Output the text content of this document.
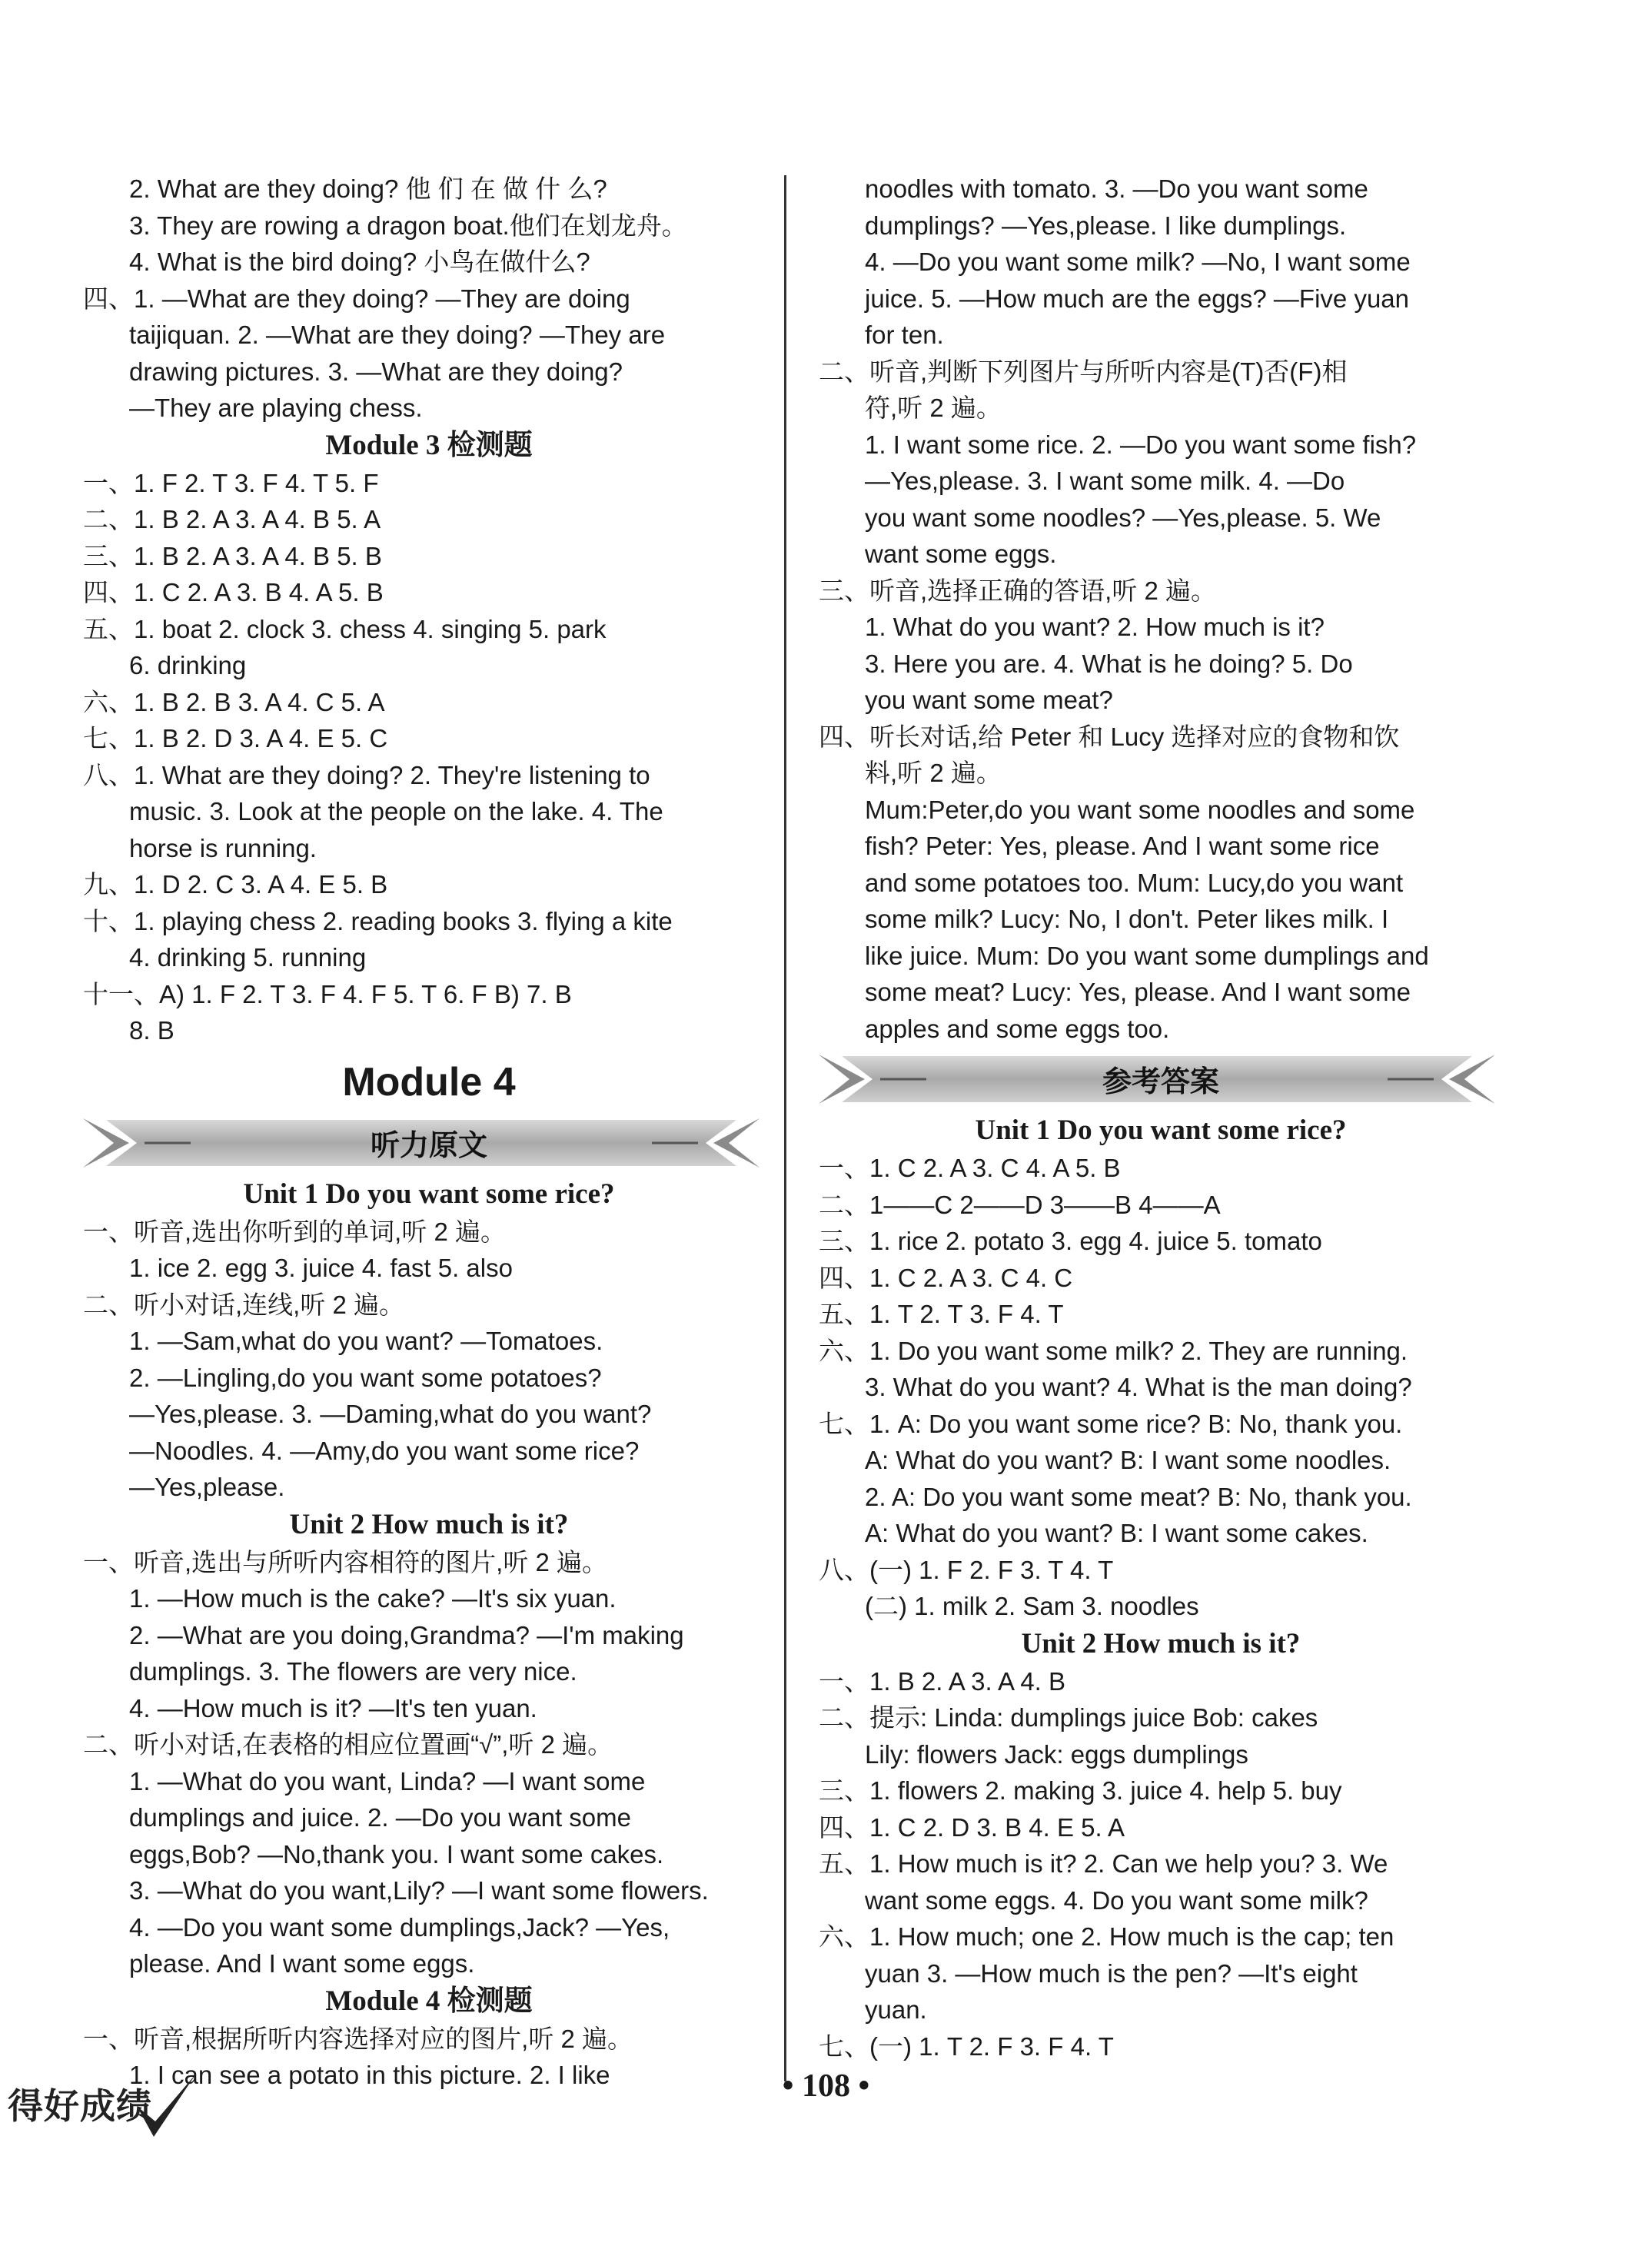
2. What are they doing? 他 们 在 做 什 么?
3. They are rowing a dragon boat.他们在划龙舟。
4. What is the bird doing? 小鸟在做什么?
四、1. —What are they doing? —They are doing
taijiquan. 2. —What are they doing? —They are
drawing pictures. 3. —What are they doing?
—They are playing chess.
Module 3 检测题
一、1. F 2. T 3. F 4. T 5. F
二、1. B 2. A 3. A 4. B 5. A
三、1. B 2. A 3. A 4. B 5. B
四、1. C 2. A 3. B 4. A 5. B
五、1. boat 2. clock 3. chess 4. singing 5. park
6. drinking
六、1. B 2. B 3. A 4. C 5. A
七、1. B 2. D 3. A 4. E 5. C
八、1. What are they doing? 2. They're listening to
music. 3. Look at the people on the lake. 4. The
horse is running.
九、1. D 2. C 3. A 4. E 5. B
十、1. playing chess 2. reading books 3. flying a kite
4. drinking 5. running
十一、A) 1. F 2. T 3. F 4. F 5. T 6. F B) 7. B
8. B
Module 4
听力原文
Unit 1 Do you want some rice?
一、听音,选出你听到的单词,听 2 遍。
1. ice 2. egg 3. juice 4. fast 5. also
二、听小对话,连线,听 2 遍。
1. —Sam,what do you want? —Tomatoes.
2. —Lingling,do you want some potatoes?
—Yes,please. 3. —Daming,what do you want?
—Noodles. 4. —Amy,do you want some rice?
—Yes,please.
Unit 2 How much is it?
一、听音,选出与所听内容相符的图片,听 2 遍。
1. —How much is the cake? —It's six yuan.
2. —What are you doing,Grandma? —I'm making
dumplings. 3. The flowers are very nice.
4. —How much is it? —It's ten yuan.
二、听小对话,在表格的相应位置画“√”,听 2 遍。
1. —What do you want, Linda? —I want some
dumplings and juice. 2. —Do you want some
eggs,Bob? —No,thank you. I want some cakes.
3. —What do you want,Lily? —I want some flowers.
4. —Do you want some dumplings,Jack? —Yes,
please. And I want some eggs.
Module 4 检测题
一、听音,根据所听内容选择对应的图片,听 2 遍。
1. I can see a potato in this picture. 2. I like
noodles with tomato. 3. —Do you want some
dumplings? —Yes,please. I like dumplings.
4. —Do you want some milk? —No, I want some
juice. 5. —How much are the eggs? —Five yuan
for ten.
二、听音,判断下列图片与所听内容是(T)否(F)相
符,听 2 遍。
1. I want some rice. 2. —Do you want some fish?
—Yes,please. 3. I want some milk. 4. —Do
you want some noodles? —Yes,please. 5. We
want some eggs.
三、听音,选择正确的答语,听 2 遍。
1. What do you want? 2. How much is it?
3. Here you are. 4. What is he doing? 5. Do
you want some meat?
四、听长对话,给 Peter 和 Lucy 选择对应的食物和饮
料,听 2 遍。
Mum:Peter,do you want some noodles and some
fish? Peter: Yes, please. And I want some rice
and some potatoes too. Mum: Lucy,do you want
some milk? Lucy: No, I don't. Peter likes milk. I
like juice. Mum: Do you want some dumplings and
some meat? Lucy: Yes, please. And I want some
apples and some eggs too.
参考答案
Unit 1 Do you want some rice?
一、1. C 2. A 3. C 4. A 5. B
二、1——C 2——D 3——B 4——A
三、1. rice 2. potato 3. egg 4. juice 5. tomato
四、1. C 2. A 3. C 4. C
五、1. T 2. T 3. F 4. T
六、1. Do you want some milk? 2. They are running.
3. What do you want? 4. What is the man doing?
七、1. A: Do you want some rice? B: No, thank you.
A: What do you want? B: I want some noodles.
2. A: Do you want some meat? B: No, thank you.
A: What do you want? B: I want some cakes.
八、(一) 1. F 2. F 3. T 4. T
(二) 1. milk 2. Sam 3. noodles
Unit 2 How much is it?
一、1. B 2. A 3. A 4. B
二、提示: Linda: dumplings juice Bob: cakes
Lily: flowers Jack: eggs dumplings
三、1. flowers 2. making 3. juice 4. help 5. buy
四、1. C 2. D 3. B 4. E 5. A
五、1. How much is it? 2. Can we help you? 3. We
want some eggs. 4. Do you want some milk?
六、1. How much; one 2. How much is the cap; ten
yuan 3. —How much is the pen? —It's eight
yuan.
七、(一) 1. T 2. F 3. F 4. T
得好成绩	• 108 •
